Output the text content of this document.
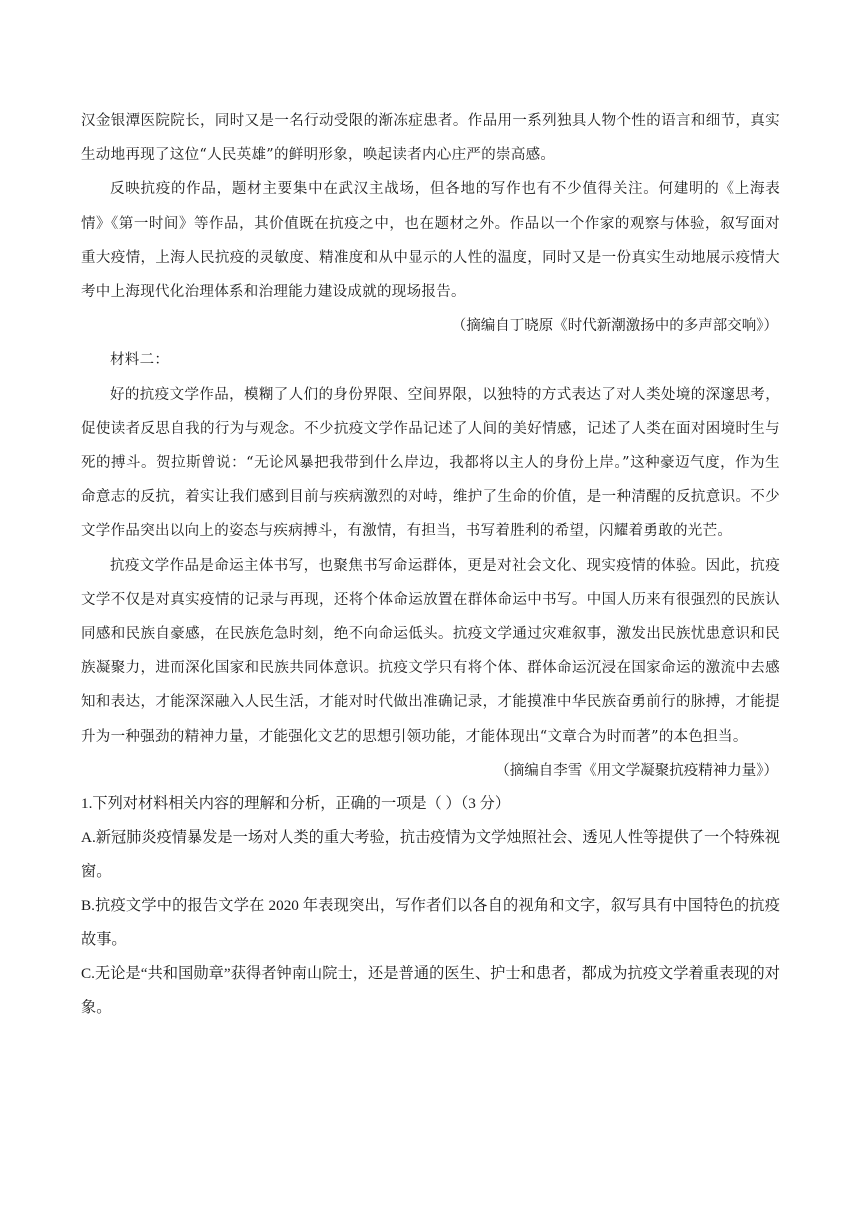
汉金银潭医院院长，同时又是一名行动受限的渐冻症患者。作品用一系列独具人物个性的语言和细节，真实生动地再现了这位“人民英雄”的鲜明形象，唤起读者内心庄严的崇高感。

反映抗疫的作品，题材主要集中在武汉主战场，但各地的写作也有不少值得关注。何建明的《上海表情》《第一时间》等作品，其价值既在抗疫之中，也在题材之外。作品以一个作家的观察与体验，叙写面对重大疫情，上海人民抗疫的灵敏度、精准度和从中显示的人性的温度，同时又是一份真实生动地展示疫情大考中上海现代化治理体系和治理能力建设成就的现场报告。

（摘编自丁晓原《时代新潮激扬中的多声部交响》）

材料二：

好的抗疫文学作品，模糊了人们的身份界限、空间界限，以独特的方式表达了对人类处境的深邃思考，促使读者反思自我的行为与观念。不少抗疫文学作品记述了人间的美好情感，记述了人类在面对困境时生与死的搏斗。贺拉斯曾说：“无论风暴把我带到什么岸边，我都将以主人的身份上岸。”这种豪迈气度，作为生命意志的反抗，着实让我们感到目前与疾病激烈的对峙，维护了生命的价值，是一种清醒的反抗意识。不少文学作品突出以向上的姿态与疾病搏斗，有激情，有担当，书写着胜利的希望，闪耀着勇敢的光芒。

抗疫文学作品是命运主体书写，也聚焦书写命运群体，更是对社会文化、现实疫情的体验。因此，抗疫文学不仅是对真实疫情的记录与再现，还将个体命运放置在群体命运中书写。中国人历来有很强烈的民族认同感和民族自豪感，在民族危急时刻，绝不向命运低头。抗疫文学通过灾难叙事，激发出民族忧患意识和民族凝聚力，进而深化国家和民族共同体意识。抗疫文学只有将个体、群体命运沉浸在国家命运的激流中去感知和表达，才能深深融入人民生活，才能对时代做出准确记录，才能摸准中华民族奋勇前行的脉搏，才能提升为一种强劲的精神力量，才能强化文艺的思想引领功能，才能体现出“文章合为时而著”的本色担当。

（摘编自李雪《用文学凝聚抗疫精神力量》）

1.下列对材料相关内容的理解和分析，正确的一项是（ ）（3 分）

A.新冠肺炎疫情暴发是一场对人类的重大考验，抗击疫情为文学烛照社会、透见人性等提供了一个特殊视窗。

B.抗疫文学中的报告文学在 2020 年表现突出，写作者们以各自的视角和文字，叙写具有中国特色的抗疫故事。

C.无论是“共和国勋章”获得者钟南山院士，还是普通的医生、护士和患者，都成为抗疫文学着重表现的对象。
